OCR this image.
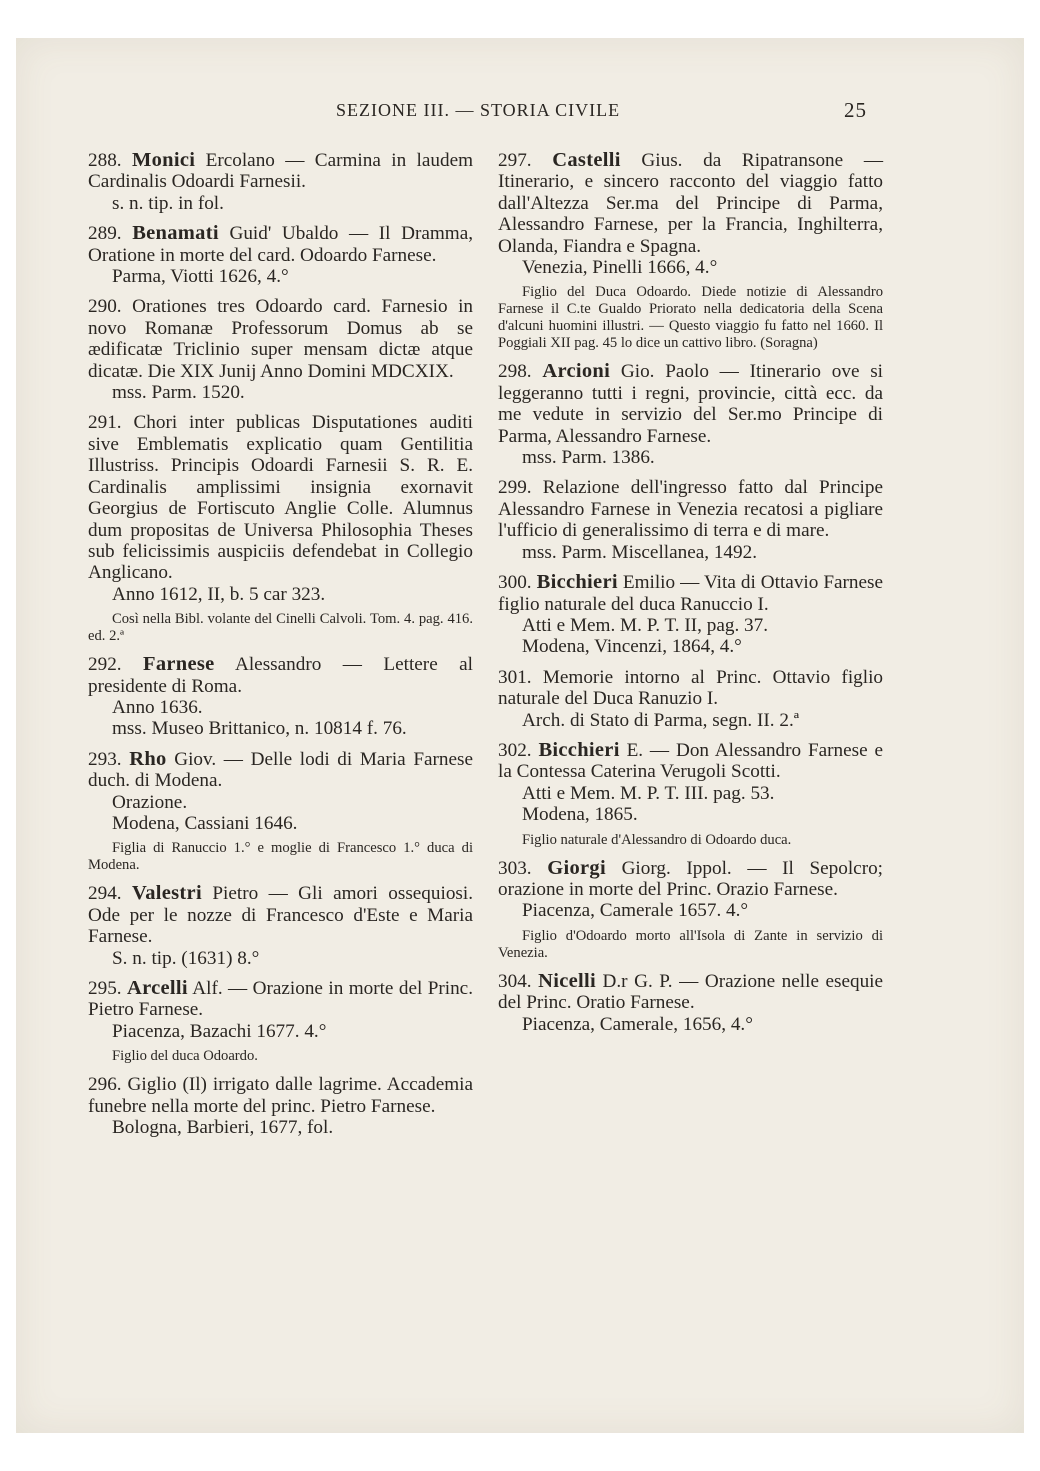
SEZIONE III. — STORIA CIVILE	25
288. Monici Ercolano — Carmina in laudem Cardinalis Odoardi Farnesii.
s. n. tip. in fol.
289. Benamati Guid' Ubaldo — Il Dramma, Oratione in morte del card. Odoardo Farnese.
Parma, Viotti 1626, 4.°
290. Orationes tres Odoardo card. Farnesio in novo Romanæ Professorum Domus ab se ædificatæ Triclinio super mensam dictæ atque dicatæ. Die XIX Junij Anno Domini MDCXIX.
mss. Parm. 1520.
291. Chori inter publicas Disputationes auditi sive Emblematis explicatio quam Gentilitia Illustriss. Principis Odoardi Farnesii S. R. E. Cardinalis amplissimi insignia exornavit Georgius de Fortiscuto Anglie Colle. Alumnus dum propositas de Universa Philosophia Theses sub felicissimis auspiciis defendebat in Collegio Anglicano.
Anno 1612, II, b. 5 car 323.
Così nella Bibl. volante del Cinelli Calvoli. Tom. 4. pag. 416. ed. 2.ª
292. Farnese Alessandro — Lettere al presidente di Roma.
Anno 1636.
mss. Museo Brittanico, n. 10814 f. 76.
293. Rho Giov. — Delle lodi di Maria Farnese duch. di Modena.
Orazione.
Modena, Cassiani 1646.
Figlia di Ranuccio 1.° e moglie di Francesco 1.° duca di Modena.
294. Valestri Pietro — Gli amori ossequiosi. Ode per le nozze di Francesco d'Este e Maria Farnese.
S. n. tip. (1631) 8.°
295. Arcelli Alf. — Orazione in morte del Princ. Pietro Farnese.
Piacenza, Bazachi 1677. 4.°
Figlio del duca Odoardo.
296. Giglio (Il) irrigato dalle lagrime. Accademia funebre nella morte del princ. Pietro Farnese.
Bologna, Barbieri, 1677, fol.
297. Castelli Gius. da Ripatransone — Itinerario, e sincero racconto del viaggio fatto dall'Altezza Ser.ma del Principe di Parma, Alessandro Farnese, per la Francia, Inghilterra, Olanda, Fiandra e Spagna.
Venezia, Pinelli 1666, 4.°
Figlio del Duca Odoardo. Diede notizie di Alessandro Farnese il C.te Gualdo Priorato nella dedicatoria della Scena d'alcuni huomini illustri. — Questo viaggio fu fatto nel 1660. Il Poggiali XII pag. 45 lo dice un cattivo libro. (Soragna)
298. Arcioni Gio. Paolo — Itinerario ove si leggeranno tutti i regni, provincie, città ecc. da me vedute in servizio del Ser.mo Principe di Parma, Alessandro Farnese.
mss. Parm. 1386.
299. Relazione dell'ingresso fatto dal Principe Alessandro Farnese in Venezia recatosi a pigliare l'ufficio di generalissimo di terra e di mare.
mss. Parm. Miscellanea, 1492.
300. Bicchieri Emilio — Vita di Ottavio Farnese figlio naturale del duca Ranuccio I.
Atti e Mem. M. P. T. II, pag. 37.
Modena, Vincenzi, 1864, 4.°
301. Memorie intorno al Princ. Ottavio figlio naturale del Duca Ranuzio I.
Arch. di Stato di Parma, segn. II. 2.ª
302. Bicchieri E. — Don Alessandro Farnese e la Contessa Caterina Verugoli Scotti.
Atti e Mem. M. P. T. III. pag. 53.
Modena, 1865.
Figlio naturale d'Alessandro di Odoardo duca.
303. Giorgi Giorg. Ippol. — Il Sepolcro; orazione in morte del Princ. Orazio Farnese.
Piacenza, Camerale 1657. 4.°
Figlio d'Odoardo morto all'Isola di Zante in servizio di Venezia.
304. Nicelli D.r G. P. — Orazione nelle esequie del Princ. Oratio Farnese.
Piacenza, Camerale, 1656, 4.°
